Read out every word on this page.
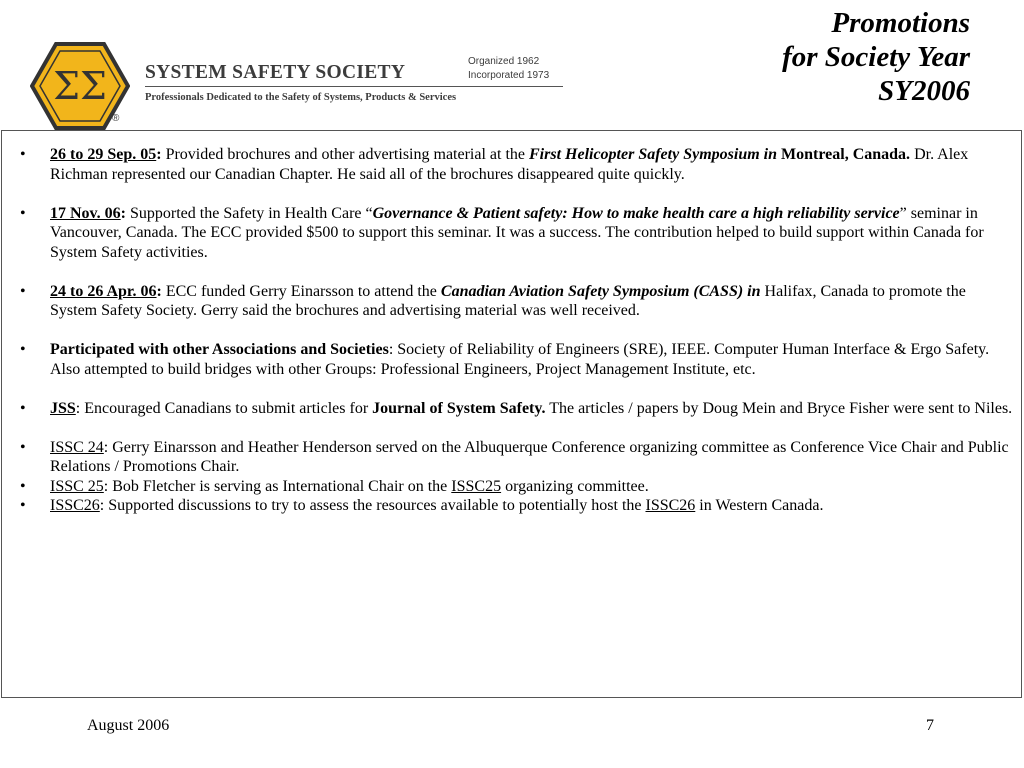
ΣΣ
®
SYSTEM SAFETY SOCIETY
Organized 1962
Incorporated 1973
Professionals Dedicated to the Safety of Systems, Products & Services
Promotions
for Society Year
SY2006
• 26 to 29 Sep. 05: Provided brochures and other advertising material at the First Helicopter Safety Symposium in Montreal, Canada. Dr. Alex Richman represented our Canadian Chapter. He said all of the brochures disappeared quite quickly.
• 17 Nov. 06: Supported the Safety in Health Care “Governance & Patient safety: How to make health care a high reliability service” seminar in Vancouver, Canada. The ECC provided $500 to support this seminar. It was a success. The contribution helped to build support within Canada for System Safety activities.
• 24 to 26 Apr. 06: ECC funded Gerry Einarsson to attend the Canadian Aviation Safety Symposium (CASS) in Halifax, Canada to promote the System Safety Society. Gerry said the brochures and advertising material was well received.
• Participated with other Associations and Societies: Society of Reliability of Engineers (SRE), IEEE. Computer Human Interface & Ergo Safety. Also attempted to build bridges with other Groups: Professional Engineers, Project Management Institute, etc.
• JSS: Encouraged Canadians to submit articles for Journal of System Safety. The articles / papers by Doug Mein and Bryce Fisher were sent to Niles.
• ISSC 24: Gerry Einarsson and Heather Henderson served on the Albuquerque Conference organizing committee as Conference Vice Chair and Public Relations / Promotions Chair.
• ISSC 25: Bob Fletcher is serving as International Chair on the ISSC25 organizing committee.
• ISSC26: Supported discussions to try to assess the resources available to potentially host the ISSC26 in Western Canada.
August 2006	7
